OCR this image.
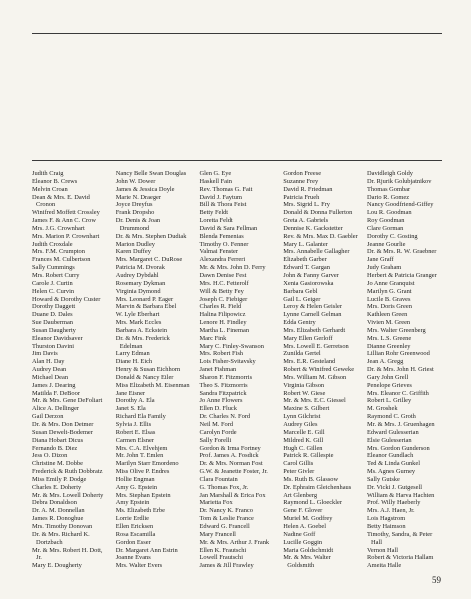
Judith Craig
Eleanor B. Crews
Melvin Croan
Dean & Mrs. E. David
Cronon
Winifred Moffett Crossley
James F. & Ann C. Crow
Mrs. J.G. Crownhart
Mrs. Marion P. Crownhart
Judith Croxdale
Mrs. F.M. Crumpton
Frances M. Culbertson
Sally Cummings
Mrs. Robert Curry
Carole J. Curtin
Helen C. Curvin
Howard & Dorothy Custer
Dorothy Daggett
Duane D. Dales
Sue Dauberman
Susan Daugherty
Eleanor Davidsaver
Thurston Davini
Jim Davis
Alan H. Day
Audrey Dean
Michael Dean
James J. Dearing
Matilda F. DeBoor
Mr. & Mrs. Gene DeFoliart
Alice A. Dellinger
Gail Derzon
Dr. & Mrs. Don Detmer
Susan Dewelt-Bodemer
Diana Hobart Dicus
Fernando B. Diez
Jess O. Dizon
Christine M. Dobbe
Frederick & Ruth Dobbratz
Miss Emily P. Dodge
Charles E. Doherty
Mr. & Mrs. Lowell Doherty
Debra Donaldson
Dr. A. M. Donnellan
James R. Donoghue
Mrs. Timothy Donovan
Dr. & Mrs. Richard K.
Dortzbach
Mr. & Mrs. Robert H. Dott,
Jr.
Mary E. Dougherty
Nancy Belle Swan Douglas
John W. Dower
James & Jessica Doyle
Marie N. Draeger
Joyce Dreyfus
Frank Dropsho
Dr. Denis & Joan
Drummond
Dr. & Mrs. Stephen Dudiak
Marion Dudley
Karen Duffey
Mrs. Margaret C. DuRose
Patricia M. Dvorak
Audrey Dybdahl
Rosemary Dykman
Virginia Dymond
Mrs. Leonard P. Eager
Marvin & Barbara Ebel
W. Lyle Eberhart
Mrs. Mark Eccles
Barbara A. Eckstein
Dr. & Mrs. Frederick
Edelman
Larry Edman
Diane H. Eich
Henry & Susan Eichhorn
Donald & Nancy Eiler
Miss Elizabeth M. Eisenman
Jane Eisner
Dorothy A. Ela
Janet S. Ela
Richard Ela Family
Sylvia J. Ellis
Robert E. Elsas
Carmen Elsner
Mrs. C.A. Elvehjem
Mr. John T. Emlen
Marilyn Starr Emordeno
Miss Olive P. Endres
Hollie Engman
Amy G. Epstein
Mrs. Stephan Epstein
Amy Epstein
Ms. Elizabeth Erbe
Lorrie Erdlie
Ellen Ericksen
Rosa Escamilla
Gordon Esser
Dr. Margaret Ann Estrin
Joanne Evans
Mrs. Walter Evers
Glen G. Eye
Haskell Fain
Rev. Thomas G. Fait
David J. Faytum
Bill & Thora Feist
Betty Feldt
Loretta Feldt
David & Sara Fellman
Blenda Femenias
Timothy O. Fenner
Valmai Fenster
Alexandra Ferreri
Mr. & Mrs. John D. Ferry
Dawn Denise Fest
Mrs. H.C. Fetterolf
Will & Betty Fey
Joseph C. Fiebiger
Charles R. Field
Halina Filipowicz
Lenore H. Findley
Martha L. Fineman
Marc Fink
Mary C. Finley-Swanson
Mrs. Robert Fish
Lois Fisher-Svitavsky
Janet Fishman
Sharon F. Fitzmorris
Theo S. Fitzmorris
Sandra Fitzpatrick
Jo Anne Flowers
Ellen D. Fluck
Dr. Charles N. Ford
Neil M. Ford
Carolyn Forde
Sally Forelli
Gordon & Irma Fortney
Prof. James A. Fosdick
Dr. & Mrs. Norman Fost
G.W. & Jeanette Foster, Jr.
Clara Fountain
G. Thomas Fox, Jr.
Jan Marshall & Erica Fox
Marietta Fox
Dr. Nancy K. Franco
Tom & Leslie France
Edward G. Francell
Mary Francell
Mr. & Mrs. Arthur J. Frank
Ellen K. Frautschi
Lowell Frautschi
James & Jill Frawley
Gordon Freese
Suzanne Frey
David R. Friedman
Patricia Frueh
Mrs. Sigrid L. Fry
Donald & Donna Fullerton
Greta A. Gabriels
Dennise K. Gackstetter
Rev. & Mrs. Max D. Gaebler
Mary L. Galanter
Mrs. Annabelle Gallagher
Elizabeth Garber
Edward T. Gargan
John & Fanny Garver
Xenia Gasiorowska
Barbara Gebl
Gail L. Geiger
Leroy & Helen Geisler
Lynne Carnell Gelman
Edda Gentry
Mrs. Elizabeth Gerhardt
Mary Ellen Gerloff
Mrs. Lowell E. Gerretson
Zunilda Gertel
Mrs. E.R. Gesteland
Robert & Winifred Geweke
Mrs. William M. Gibson
Virginia Gibson
Robert W. Giese
Mr. & Mrs. E.C. Giessel
Maxine S. Gilbert
Lynn Gilchrist
Audrey Giles
Marcelle E. Gill
Mildred K. Gill
Hugh C. Gillen
Patrick R. Gillespie
Carol Gillis
Peter Givler
Ms. Ruth B. Glassow
Dr. Ephraim Gleichenhaus
Art Glenberg
Raymond L. Gloeckler
Gene F. Glover
Muriel M. Godfrey
Helen A. Goebel
Nadine Goff
Lucille Goggin
Maria Goldschmidt
Mr. & Mrs. Walter
Goldsmith
Davidleigh Goldy
Dr. Rjurik Golubjatnikov
Thomas Gombar
Dario R. Gomez
Nancy Goodfriend-Giffey
Lou R. Goodman
Roy Goodman
Clare Gorman
Dorothy C. Gosting
Jeanne Gourlie
Dr. & Mrs. R. W. Graebner
Jane Graff
Judy Graham
Herbert & Patricia Granger
Jo Anne Granquist
Marilyn G. Grant
Lucile B. Graves
Mrs. Doris Green
Kathleen Green
Vivien M. Green
Mrs. Walter Greenberg
Mrs. L.S. Greene
Dianne Greenley
Lillian Rohr Greenwood
Jean A. Gregg
Dr. & Mrs. John H. Griest
Gary John Grell
Penelope Grieves
Mrs. Eleanor C. Griffith
Robert L. Grilley
M. Groshek
Raymond C. Groth
Mr. & Mrs. J. Gruenhagen
Edward Gulesserian
Elsie Gulesserian
Mrs. Gordon Gunderson
Eleanor Gundlach
Ted & Linda Gunkel
Ms. Agnes Gurney
Sally Gutske
Dr. Vicki J. Gutgesell
William & Harva Hachten
Prof. Willy Haeberly
Mrs. A.J. Haen, Jr.
Lois Hagstrom
Betty Haimson
Timothy, Sandra, & Peter
Hall
Vernon Hall
Robert & Victoria Hallam
Ameita Halle
59
